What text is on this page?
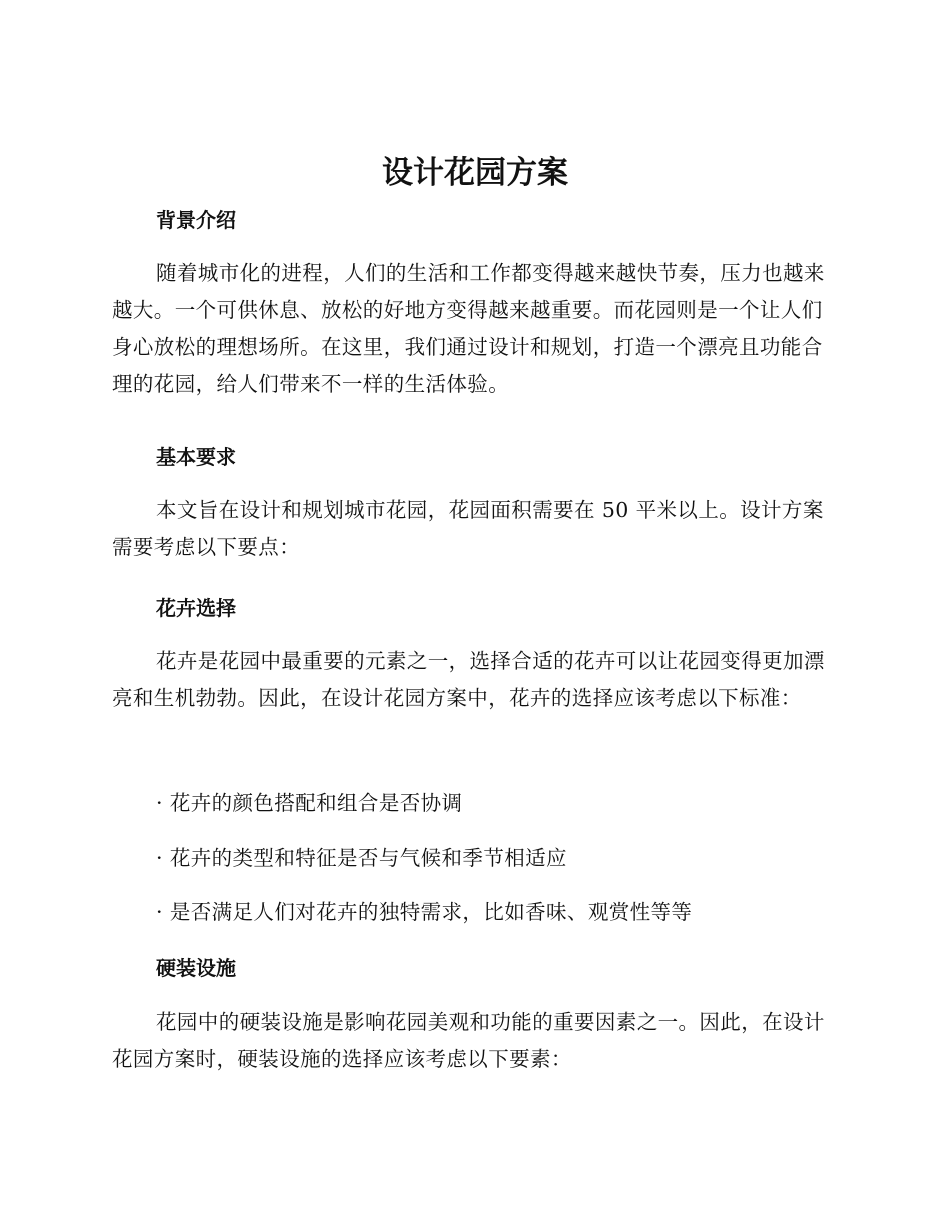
设计花园方案
背景介绍
随着城市化的进程，人们的生活和工作都变得越来越快节奏，压力也越来越大。一个可供休息、放松的好地方变得越来越重要。而花园则是一个让人们身心放松的理想场所。在这里，我们通过设计和规划，打造一个漂亮且功能合理的花园，给人们带来不一样的生活体验。
基本要求
本文旨在设计和规划城市花园，花园面积需要在 50 平米以上。设计方案需要考虑以下要点：
花卉选择
花卉是花园中最重要的元素之一，选择合适的花卉可以让花园变得更加漂亮和生机勃勃。因此，在设计花园方案中，花卉的选择应该考虑以下标准：
· 花卉的颜色搭配和组合是否协调
· 花卉的类型和特征是否与气候和季节相适应
· 是否满足人们对花卉的独特需求，比如香味、观赏性等等
硬装设施
花园中的硬装设施是影响花园美观和功能的重要因素之一。因此，在设计花园方案时，硬装设施的选择应该考虑以下要素：
